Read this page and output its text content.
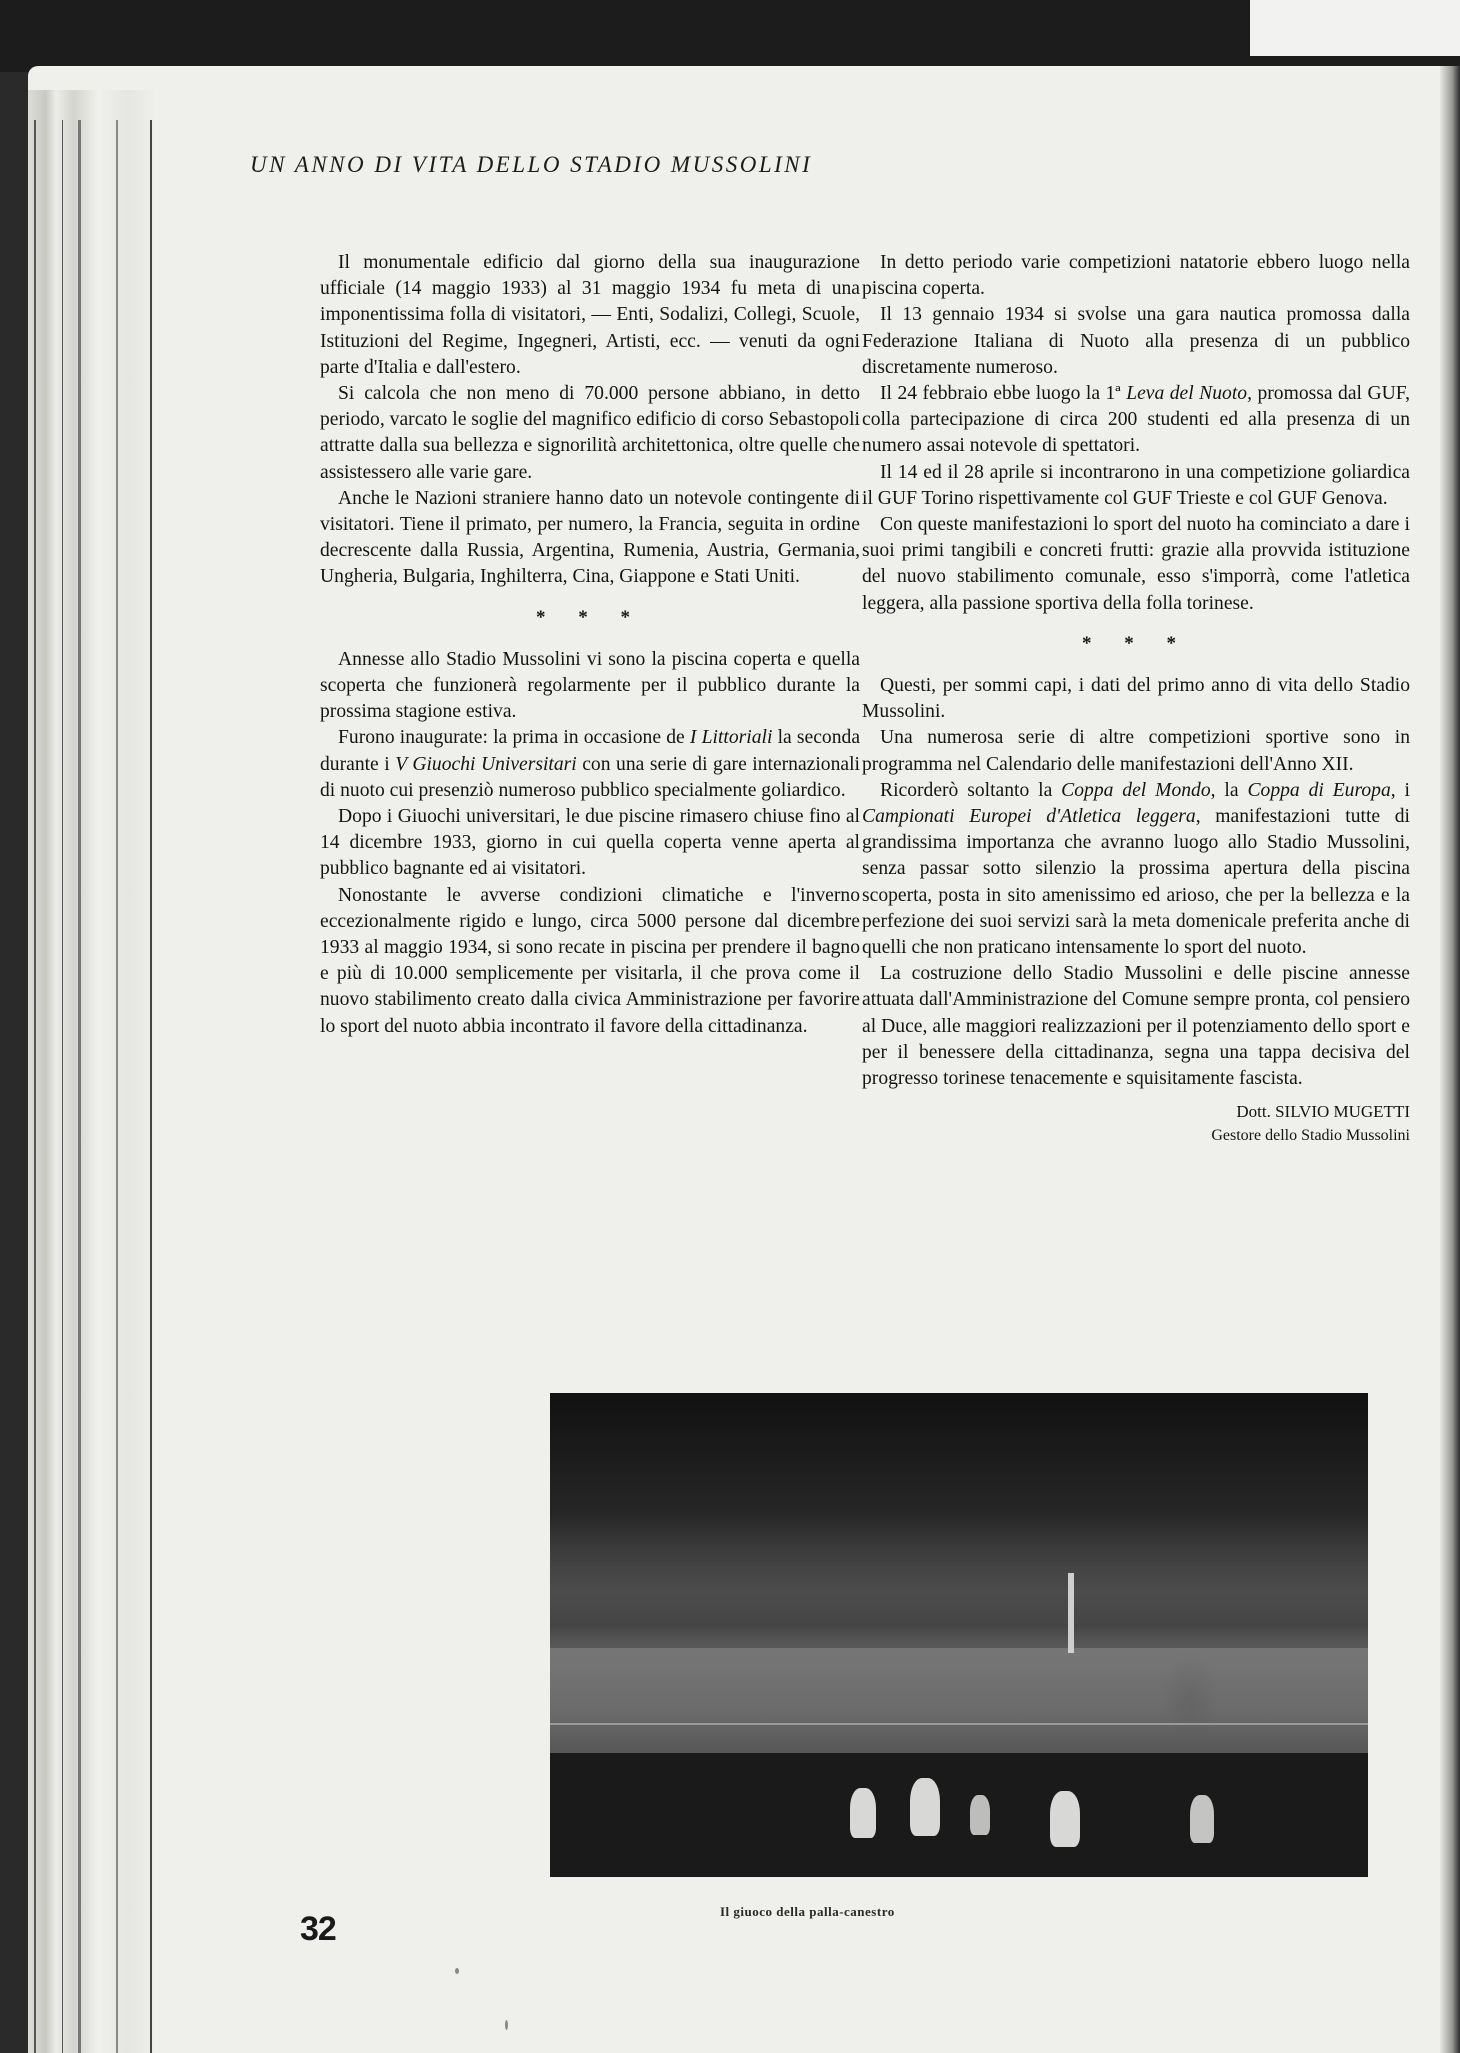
UN ANNO DI VITA DELLO STADIO MUSSOLINI

Il monumentale edificio dal giorno della sua inaugurazione ufficiale (14 maggio 1933) al 31 maggio 1934 fu meta di una imponentissima folla di visitatori, — Enti, Sodalizi, Collegi, Scuole, Istituzioni del Regime, Ingegneri, Artisti, ecc. — venuti da ogni parte d'Italia e dall'estero.

Si calcola che non meno di 70.000 persone abbiano, in detto periodo, varcato le soglie del magnifico edificio di corso Sebastopoli attratte dalla sua bellezza e signorilità architettonica, oltre quelle che assistessero alle varie gare.

Anche le Nazioni straniere hanno dato un notevole contingente di visitatori. Tiene il primato, per numero, la Francia, seguita in ordine decrescente dalla Russia, Argentina, Rumenia, Austria, Germania, Ungheria, Bulgaria, Inghilterra, Cina, Giappone e Stati Uniti.

* * *

Annesse allo Stadio Mussolini vi sono la piscina coperta e quella scoperta che funzionerà regolarmente per il pubblico durante la prossima stagione estiva.

Furono inaugurate: la prima in occasione de I Littoriali la seconda durante i V Giuochi Universitari con una serie di gare internazionali di nuoto cui presenziò numeroso pubblico specialmente goliardico.

Dopo i Giuochi universitari, le due piscine rimasero chiuse fino al 14 dicembre 1933, giorno in cui quella coperta venne aperta al pubblico bagnante ed ai visitatori.

Nonostante le avverse condizioni climatiche e l'inverno eccezionalmente rigido e lungo, circa 5000 persone dal dicembre 1933 al maggio 1934, si sono recate in piscina per prendere il bagno e più di 10.000 semplicemente per visitarla, il che prova come il nuovo stabilimento creato dalla civica Amministrazione per favorire lo sport del nuoto abbia incontrato il favore della cittadinanza.

In detto periodo varie competizioni natatorie ebbero luogo nella piscina coperta.

Il 13 gennaio 1934 si svolse una gara nautica promossa dalla Federazione Italiana di Nuoto alla presenza di un pubblico discretamente numeroso.

Il 24 febbraio ebbe luogo la 1ª Leva del Nuoto, promossa dal GUF, colla partecipazione di circa 200 studenti ed alla presenza di un numero assai notevole di spettatori.

Il 14 ed il 28 aprile si incontrarono in una competizione goliardica il GUF Torino rispettivamente col GUF Trieste e col GUF Genova.

Con queste manifestazioni lo sport del nuoto ha cominciato a dare i suoi primi tangibili e concreti frutti: grazie alla provvida istituzione del nuovo stabilimento comunale, esso s'imporrà, come l'atletica leggera, alla passione sportiva della folla torinese.

* * *

Questi, per sommi capi, i dati del primo anno di vita dello Stadio Mussolini.

Una numerosa serie di altre competizioni sportive sono in programma nel Calendario delle manifestazioni dell'Anno XII.

Ricorderò soltanto la Coppa del Mondo, la Coppa di Europa, i Campionati Europei d'Atletica leggera, manifestazioni tutte di grandissima importanza che avranno luogo allo Stadio Mussolini, senza passar sotto silenzio la prossima apertura della piscina scoperta, posta in sito amenissimo ed arioso, che per la bellezza e la perfezione dei suoi servizi sarà la meta domenicale preferita anche di quelli che non praticano intensamente lo sport del nuoto.

La costruzione dello Stadio Mussolini e delle piscine annesse attuata dall'Amministrazione del Comune sempre pronta, col pensiero al Duce, alle maggiori realizzazioni per il potenziamento dello sport e per il benessere della cittadinanza, segna una tappa decisiva del progresso torinese tenacemente e squisitamente fascista.

Dott. SILVIO MUGETTI
Gestore dello Stadio Mussolini
Il giuoco della palla-canestro
32
